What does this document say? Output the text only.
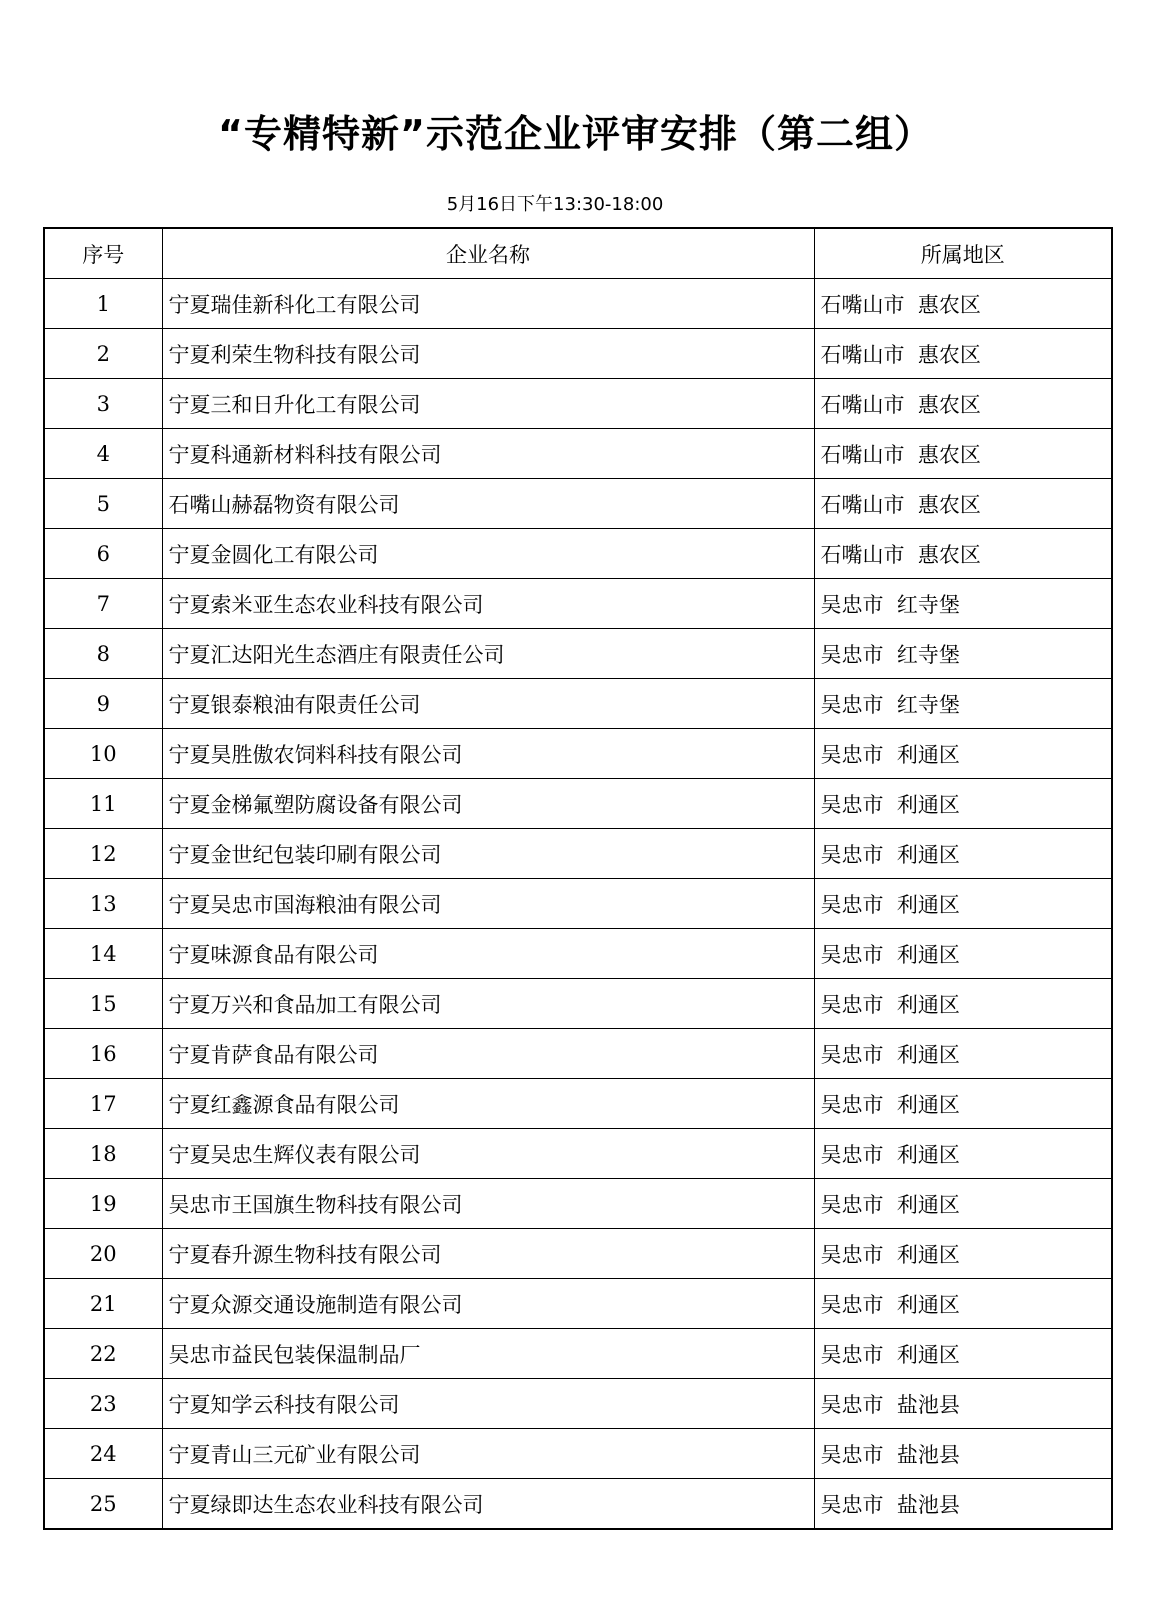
“专精特新”示范企业评审安排（第二组）
5月16日下午13:30-18:00
序号	企业名称	所属地区
1	宁夏瑞佳新科化工有限公司	石嘴山市  惠农区
2	宁夏利荣生物科技有限公司	石嘴山市  惠农区
3	宁夏三和日升化工有限公司	石嘴山市  惠农区
4	宁夏科通新材料科技有限公司	石嘴山市  惠农区
5	石嘴山赫磊物资有限公司	石嘴山市  惠农区
6	宁夏金圆化工有限公司	石嘴山市  惠农区
7	宁夏索米亚生态农业科技有限公司	吴忠市  红寺堡
8	宁夏汇达阳光生态酒庄有限责任公司	吴忠市  红寺堡
9	宁夏银泰粮油有限责任公司	吴忠市  红寺堡
10	宁夏昊胜傲农饲料科技有限公司	吴忠市  利通区
11	宁夏金梯氟塑防腐设备有限公司	吴忠市  利通区
12	宁夏金世纪包装印刷有限公司	吴忠市  利通区
13	宁夏吴忠市国海粮油有限公司	吴忠市  利通区
14	宁夏味源食品有限公司	吴忠市  利通区
15	宁夏万兴和食品加工有限公司	吴忠市  利通区
16	宁夏肯萨食品有限公司	吴忠市  利通区
17	宁夏红鑫源食品有限公司	吴忠市  利通区
18	宁夏吴忠生辉仪表有限公司	吴忠市  利通区
19	吴忠市王国旗生物科技有限公司	吴忠市  利通区
20	宁夏春升源生物科技有限公司	吴忠市  利通区
21	宁夏众源交通设施制造有限公司	吴忠市  利通区
22	吴忠市益民包装保温制品厂	吴忠市  利通区
23	宁夏知学云科技有限公司	吴忠市  盐池县
24	宁夏青山三元矿业有限公司	吴忠市  盐池县
25	宁夏绿即达生态农业科技有限公司	吴忠市  盐池县
